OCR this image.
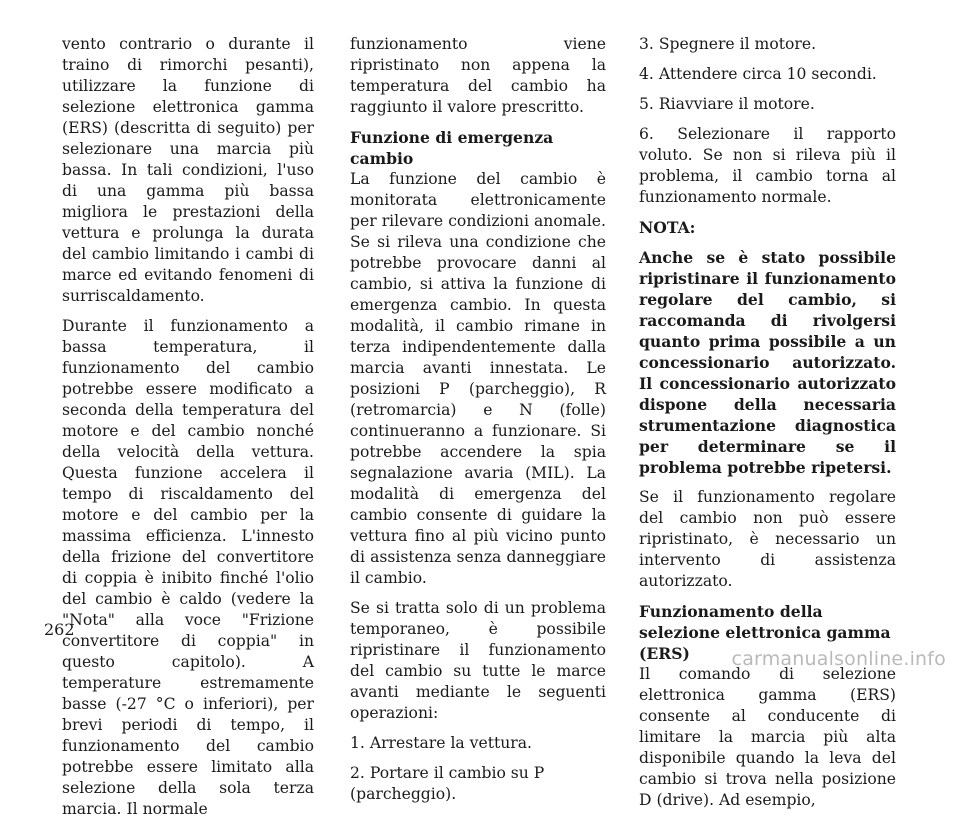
vento contrario o durante il traino di rimorchi pesanti), utilizzare la funzione di selezione elettronica gamma (ERS) (descritta di seguito) per selezionare una marcia più bassa. In tali condizioni, l'uso di una gamma più bassa migliora le prestazioni della vettura e prolunga la durata del cambio limitando i cambi di marce ed evitando fenomeni di surriscaldamento.

Durante il funzionamento a bassa temperatura, il funzionamento del cambio potrebbe essere modificato a seconda della temperatura del motore e del cambio nonché della velocità della vettura. Questa funzione accelera il tempo di riscaldamento del motore e del cambio per la massima efficienza. L'innesto della frizione del convertitore di coppia è inibito finché l'olio del cambio è caldo (vedere la "Nota" alla voce "Frizione convertitore di coppia" in questo capitolo). A temperature estremamente basse (-27 °C o inferiori), per brevi periodi di tempo, il funzionamento del cambio potrebbe essere limitato alla selezione della sola terza marcia. Il normale

funzionamento viene ripristinato non appena la temperatura del cambio ha raggiunto il valore prescritto.

Funzione di emergenza cambio

La funzione del cambio è monitorata elettronicamente per rilevare condizioni anomale. Se si rileva una condizione che potrebbe provocare danni al cambio, si attiva la funzione di emergenza cambio. In questa modalità, il cambio rimane in terza indipendentemente dalla marcia avanti innestata. Le posizioni P (parcheggio), R (retromarcia) e N (folle) continueranno a funzionare. Si potrebbe accendere la spia segnalazione avaria (MIL). La modalità di emergenza del cambio consente di guidare la vettura fino al più vicino punto di assistenza senza danneggiare il cambio.

Se si tratta solo di un problema temporaneo, è possibile ripristinare il funzionamento del cambio su tutte le marce avanti mediante le seguenti operazioni:

1. Arrestare la vettura.

2. Portare il cambio su P (parcheggio).

3. Spegnere il motore.

4. Attendere circa 10 secondi.

5. Riavviare il motore.

6. Selezionare il rapporto voluto. Se non si rileva più il problema, il cambio torna al funzionamento normale.

NOTA:

Anche se è stato possibile ripristinare il funzionamento regolare del cambio, si raccomanda di rivolgersi quanto prima possibile a un concessionario autorizzato. Il concessionario autorizzato dispone della necessaria strumentazione diagnostica per determinare se il problema potrebbe ripetersi.

Se il funzionamento regolare del cambio non può essere ripristinato, è necessario un intervento di assistenza autorizzato.

Funzionamento della selezione elettronica gamma (ERS)

Il comando di selezione elettronica gamma (ERS) consente al conducente di limitare la marcia più alta disponibile quando la leva del cambio si trova nella posizione D (drive). Ad esempio,

262
carmanualsonline.info
